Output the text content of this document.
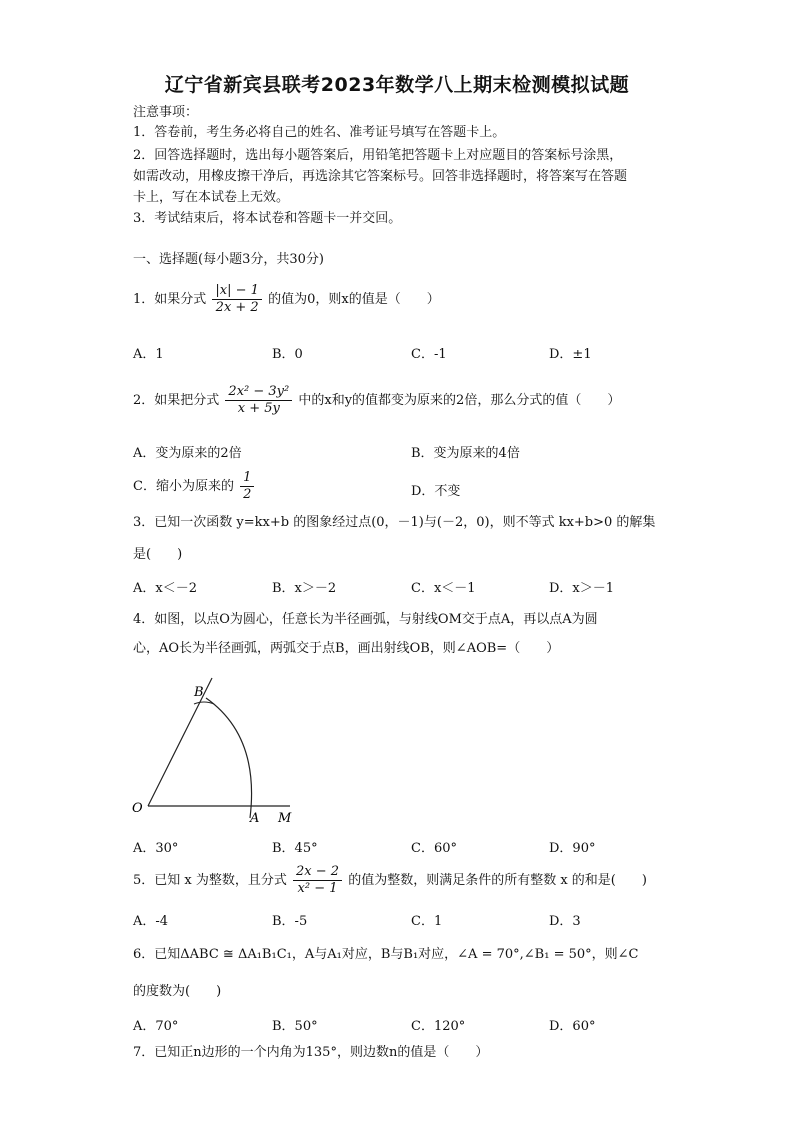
辽宁省新宾县联考2023年数学八上期末检测模拟试题
注意事项：
1．答卷前，考生务必将自己的姓名、准考证号填写在答题卡上。
2．回答选择题时，选出每小题答案后，用铅笔把答题卡上对应题目的答案标号涂黑，
如需改动，用橡皮擦干净后，再选涂其它答案标号。回答非选择题时，将答案写在答题
卡上，写在本试卷上无效。
3．考试结束后，将本试卷和答题卡一并交回。
一、选择题(每小题3分，共30分)
1．如果分式 $\frac{|x| - 1}{2x + 2}$ 的值为0，则x的值是（　　）
A．1	B．0	C．-1	D．±1
2．如果把分式 $\frac{\text{2x² − 3y²}}{x + 5y}$ 中的x和y的值都变为原来的2倍，那么分式的值（　　）
A．变为原来的2倍	B．变为原来的4倍
C．缩小为原来的 $\frac{1}{2}$	D．不变
3．已知一次函数 y=kx+b 的图象经过点(0，－1)与(－2，0)，则不等式 kx+b>0 的解集
是(　　)
A．x＜－2	B．x＞－2	C．x＜－1	D．x＞－1
4．如图，以点O为圆心，任意长为半径画弧，与射线OM交于点A，再以点A为圆
心，AO长为半径画弧，两弧交于点B，画出射线OB，则∠AOB=（　　）
O
A M
B
A．30°	B．45°	C．60°	D．90°
5．已知 x 为整数，且分式 $\frac{2x - 2}{\text{x² − 1}}$ 的值为整数，则满足条件的所有整数 x 的和是(　　)
A．-4	B．-5	C．1	D．3
6．已知ΔABC ≅ ΔA₁B₁C₁，A与A₁对应，B与B₁对应，∠A = 70°,∠B₁ = 50°，则∠C
的度数为(　　)
A．70°	B．50°	C．120°	D．60°
7．已知正n边形的一个内角为135°，则边数n的值是（　　）
